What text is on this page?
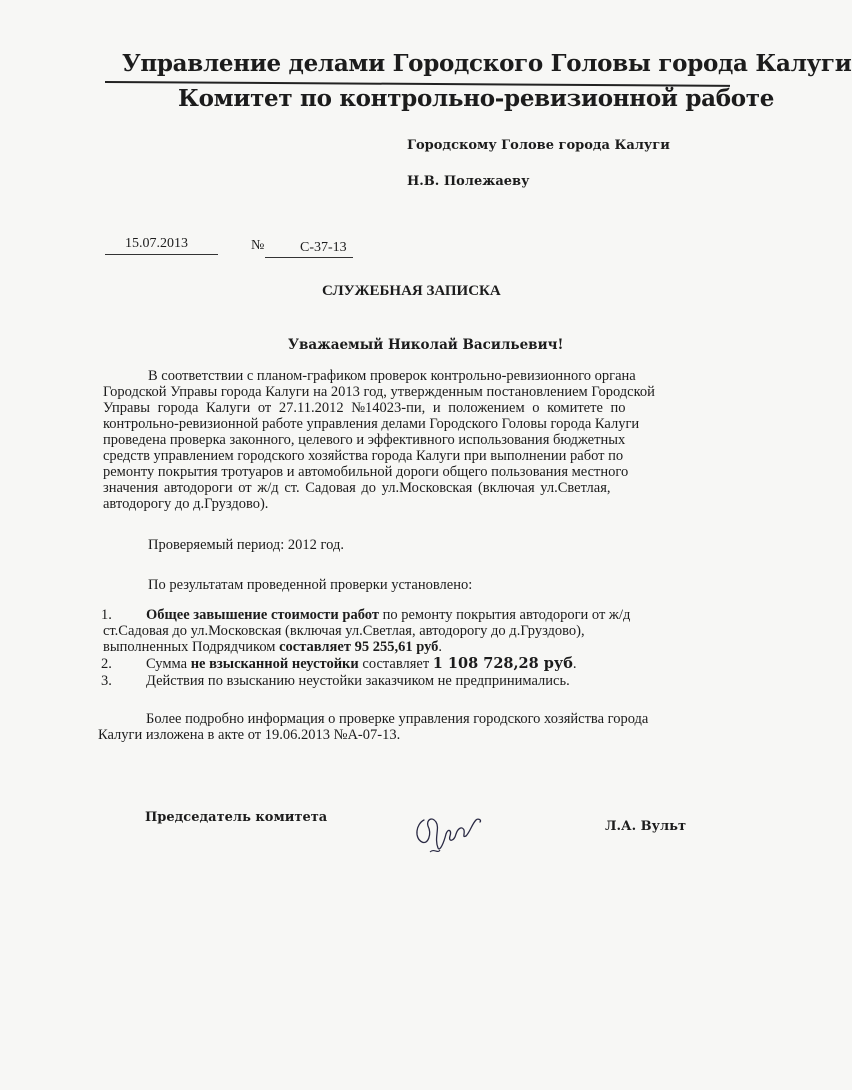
Управление делами Городского Головы города Калуги
Комитет по контрольно-ревизионной работе
Городскому Голове города Калуги
Н.В. Полежаеву
15.07.2013	№	С-37-13
СЛУЖЕБНАЯ ЗАПИСКА
Уважаемый Николай Васильевич!
В соответствии с планом-графиком проверок контрольно-ревизионного органа
Городской Управы города Калуги на 2013 год, утвержденным постановлением Городской
Управы города Калуги от 27.11.2012 №14023-пи, и положением о комитете по
контрольно-ревизионной работе управления делами Городского Головы города Калуги
проведена проверка законного, целевого и эффективного использования бюджетных
средств управлением городского хозяйства города Калуги при выполнении работ по
ремонту покрытия тротуаров и автомобильной дороги общего пользования местного
значения автодороги от ж/д ст. Садовая до ул.Московская (включая ул.Светлая,
автодорогу до д.Груздово).
Проверяемый период: 2012 год.
По результатам проведенной проверки установлено:
1. Общее завышение стоимости работ по ремонту покрытия автодороги от ж/д
ст.Садовая до ул.Московская (включая ул.Светлая, автодорогу до д.Груздово),
выполненных Подрядчиком составляет 95 255,61 руб.
2. Сумма не взысканной неустойки составляет 1 108 728,28 руб.
3. Действия по взысканию неустойки заказчиком не предпринимались.
Более подробно информация о проверке управления городского хозяйства города
Калуги изложена в акте от 19.06.2013 №А-07-13.
Председатель комитета
Л.А. Вульт
